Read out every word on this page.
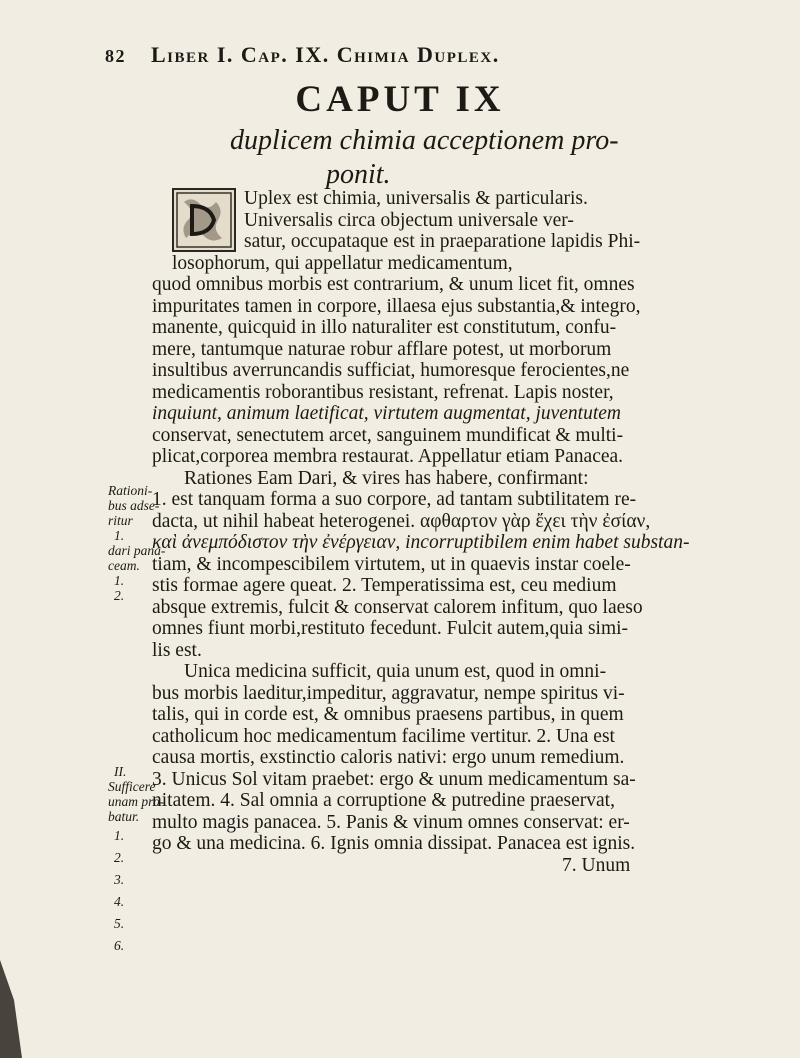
82 Liber I. Cap. IX. Chimia Duplex.
CAPUT IX
duplicem chimia acceptionem pro-
ponit.
Uplex est chimia, universalis & particularis.
Universalis circa objectum universale ver-
satur, occupataque est in praeparatione lapidis Phi-
losophorum, qui appellatur medicamentum,
quod omnibus morbis est contrarium, & unum licet fit, omnes
impuritates tamen in corpore, illaesa ejus substantia,& integro,
manente, quicquid in illo naturaliter est constitutum, confu-
mere, tantumque naturae robur afflare potest, ut morborum
insultibus averruncandis sufficiat, humoresque ferocientes,ne
medicamentis roborantibus resistant, refrenat. Lapis noster,
inquiunt, animum laetificat, virtutem augmentat, juventutem
conservat, senectutem arcet, sanguinem mundificat & multi-
plicat,corporea membra restaurat. Appellatur etiam Panacea.
Rationes Eam Dari, & vires has habere, confirmant:
1. est tanquam forma a suo corpore, ad tantam subtilitatem re-
dacta, ut nihil habeat heterogenei. αφθαρτον γὰρ ἔχει τὴν ἐσίαν,
καὶ ἀνεμπόδιστον τὴν ἐνέργειαν, incorruptibilem enim habet substan-
tiam, & incompescibilem virtutem, ut in quaevis instar coele-
stis formae agere queat. 2. Temperatissima est, ceu medium
absque extremis, fulcit & conservat calorem infitum, quo laeso
omnes fiunt morbi,restituto fecedunt. Fulcit autem,quia simi-
lis est.
Unica medicina sufficit, quia unum est, quod in omni-
bus morbis laeditur,impeditur, aggravatur, nempe spiritus vi-
talis, qui in corde est, & omnibus praesens partibus, in quem
catholicum hoc medicamentum facilime vertitur. 2. Una est
causa mortis, exstinctio caloris nativi: ergo unum remedium.
3. Unicus Sol vitam praebet: ergo & unum medicamentum sa-
nitatem. 4. Sal omnia a corruptione & putredine praeservat,
multo magis panacea. 5. Panis & vinum omnes conservat: er-
go & una medicina. 6. Ignis omnia dissipat. Panacea est ignis.
7. Unum
Rationi-
bus adse-
ritur

1.
dari pana-
ceam.

1.
2.
II.
Sufficere
unam pro-
batur.

1.
2.
3.
4.
5.
6.
